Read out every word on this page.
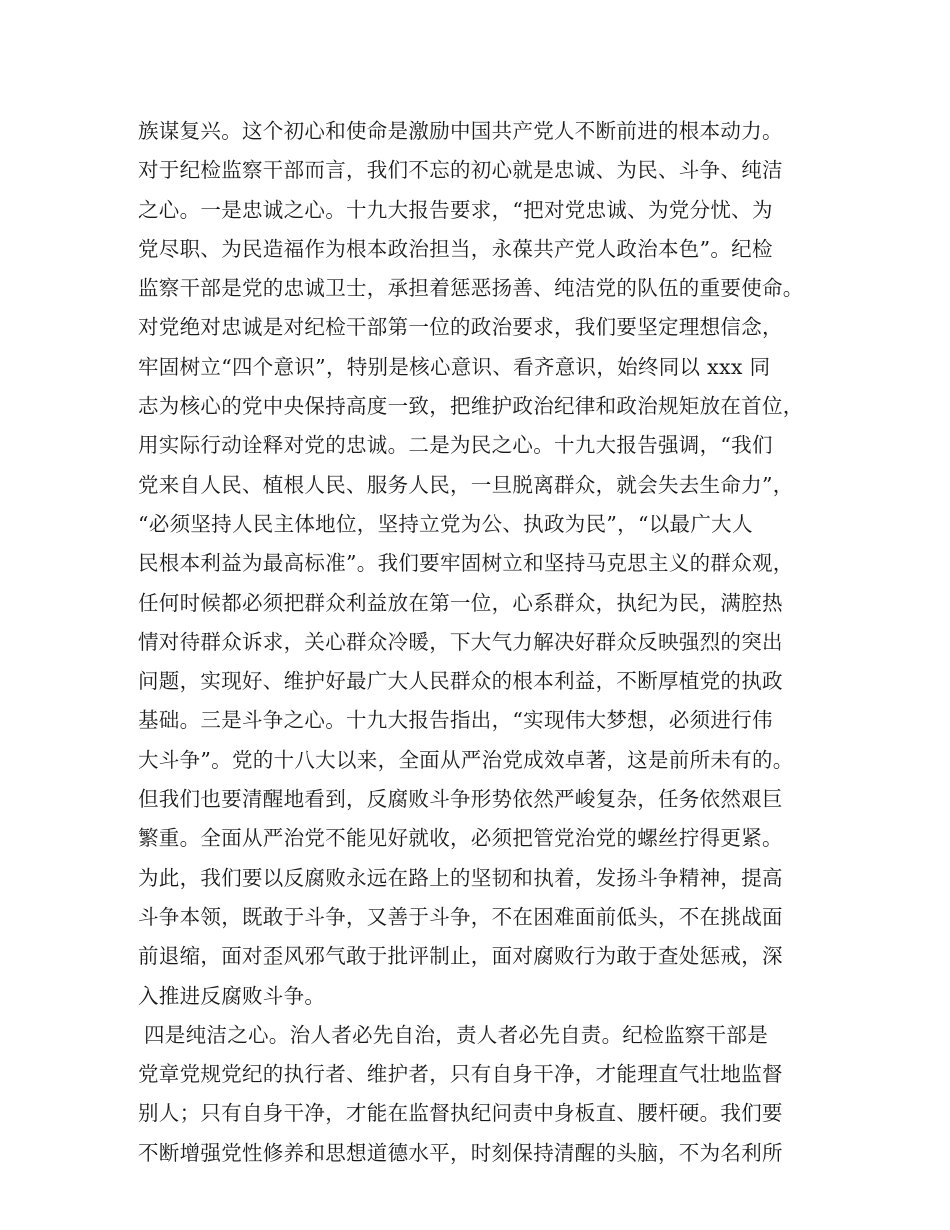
族谋复兴。这个初心和使命是激励中国共产党人不断前进的根本动力。
对于纪检监察干部而言，我们不忘的初心就是忠诚、为民、斗争、纯洁
之心。一是忠诚之心。十九大报告要求，“把对党忠诚、为党分忧、为
党尽职、为民造福作为根本政治担当，永葆共产党人政治本色”。纪检
监察干部是党的忠诚卫士，承担着惩恶扬善、纯洁党的队伍的重要使命。
对党绝对忠诚是对纪检干部第一位的政治要求，我们要坚定理想信念，
牢固树立“四个意识”，特别是核心意识、看齐意识，始终同以 xxx 同
志为核心的党中央保持高度一致，把维护政治纪律和政治规矩放在首位，
用实际行动诠释对党的忠诚。二是为民之心。十九大报告强调，“我们
党来自人民、植根人民、服务人民，一旦脱离群众，就会失去生命力”，
“必须坚持人民主体地位，坚持立党为公、执政为民”，“以最广大人
民根本利益为最高标准”。我们要牢固树立和坚持马克思主义的群众观，
任何时候都必须把群众利益放在第一位，心系群众，执纪为民，满腔热
情对待群众诉求，关心群众冷暖，下大气力解决好群众反映强烈的突出
问题，实现好、维护好最广大人民群众的根本利益，不断厚植党的执政
基础。三是斗争之心。十九大报告指出，“实现伟大梦想，必须进行伟
大斗争”。党的十八大以来，全面从严治党成效卓著，这是前所未有的。
但我们也要清醒地看到，反腐败斗争形势依然严峻复杂，任务依然艰巨
繁重。全面从严治党不能见好就收，必须把管党治党的螺丝拧得更紧。
为此，我们要以反腐败永远在路上的坚韧和执着，发扬斗争精神，提高
斗争本领，既敢于斗争，又善于斗争，不在困难面前低头，不在挑战面
前退缩，面对歪风邪气敢于批评制止，面对腐败行为敢于查处惩戒，深
入推进反腐败斗争。
四是纯洁之心。治人者必先自治，责人者必先自责。纪检监察干部是
党章党规党纪的执行者、维护者，只有自身干净，才能理直气壮地监督
别人；只有自身干净，才能在监督执纪问责中身板直、腰杆硬。我们要
不断增强党性修养和思想道德水平，时刻保持清醒的头脑，不为名利所
